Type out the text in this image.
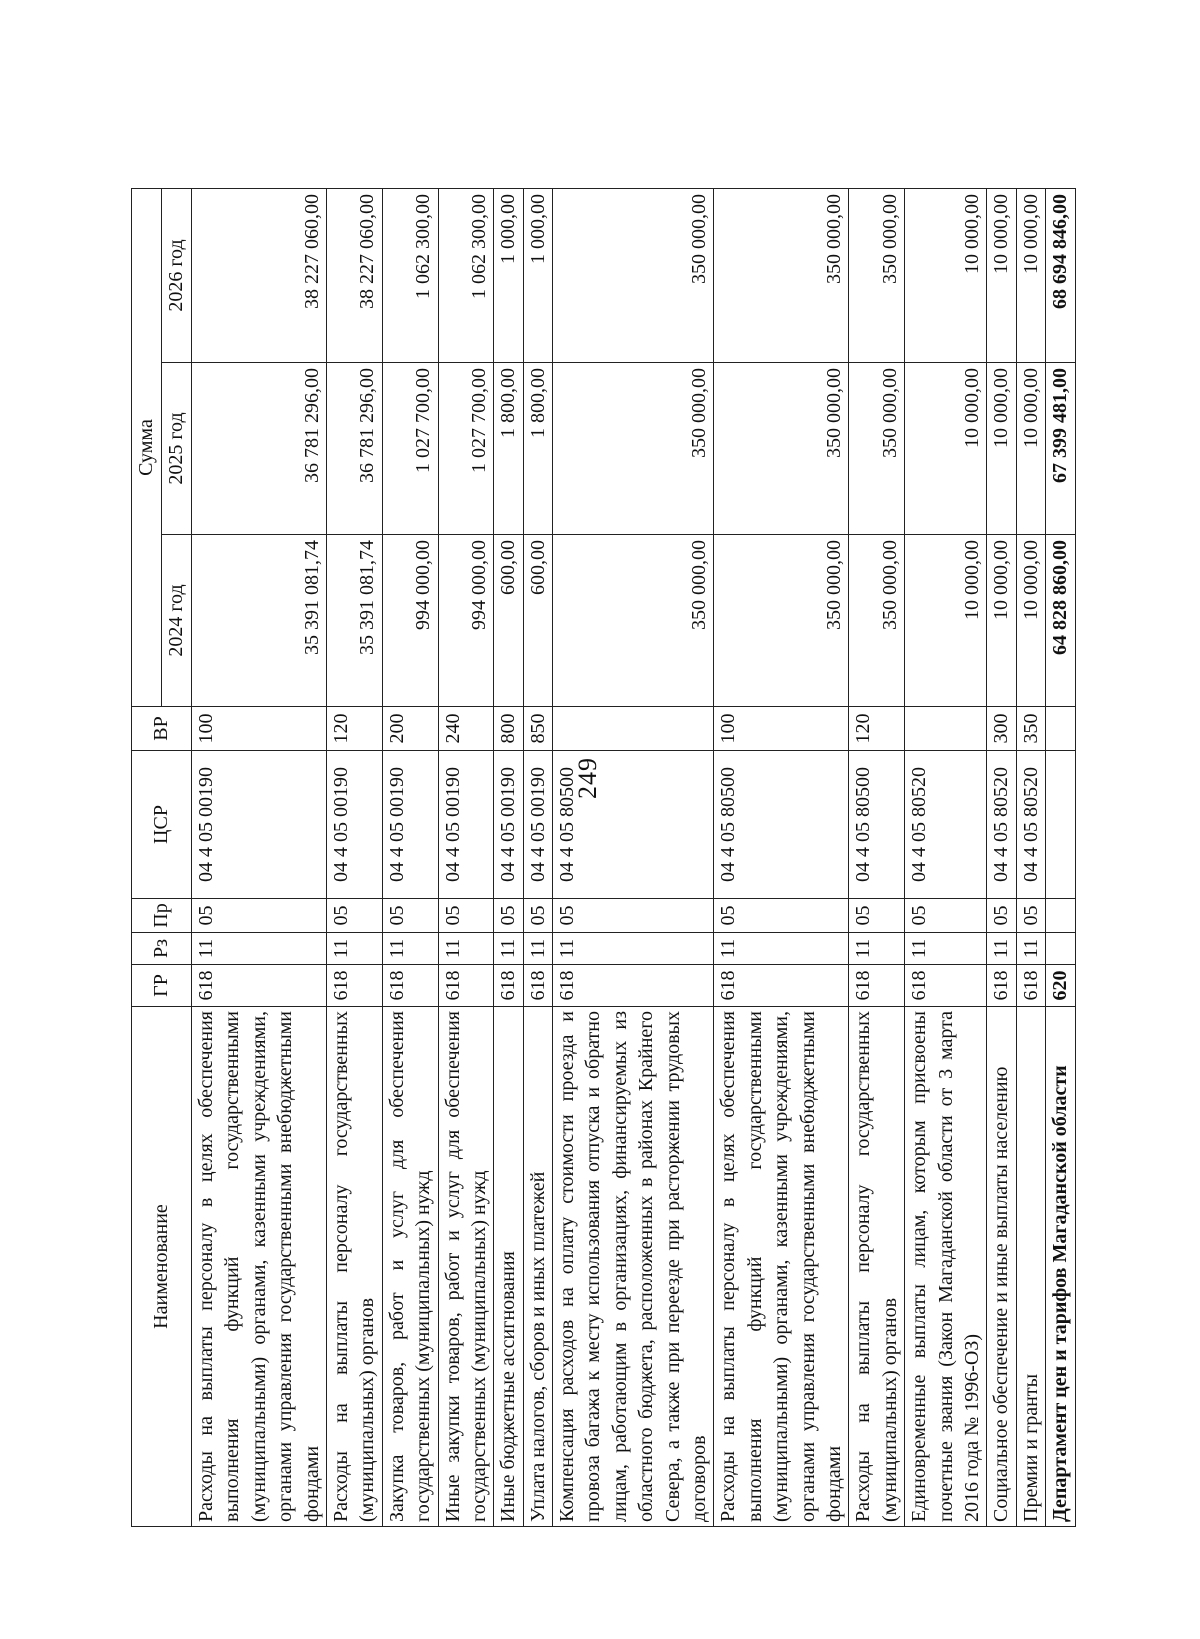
249
Наименование	ГР	Рз	Пр	ЦСР	ВР	Сумма		
						2024 год	2025 год	2026 год
Расходы на выплаты персоналу в целях обеспечения выполнения функций государственными (муниципальными) органами, казенными учреждениями, органами управления государственными внебюджетными фондами	618	11	05	04 4 05 00190	100	35 391 081,74	36 781 296,00	38 227 060,00
Расходы на выплаты персоналу государственных (муниципальных) органов	618	11	05	04 4 05 00190	120	35 391 081,74	36 781 296,00	38 227 060,00
Закупка товаров, работ и услуг для обеспечения государственных (муниципальных) нужд	618	11	05	04 4 05 00190	200	994 000,00	1 027 700,00	1 062 300,00
Иные закупки товаров, работ и услуг для обеспечения государственных (муниципальных) нужд	618	11	05	04 4 05 00190	240	994 000,00	1 027 700,00	1 062 300,00
Иные бюджетные ассигнования	618	11	05	04 4 05 00190	800	600,00	1 800,00	1 000,00
Уплата налогов, сборов и иных платежей	618	11	05	04 4 05 00190	850	600,00	1 800,00	1 000,00
Компенсация расходов на оплату стоимости проезда и провоза багажа к месту использования отпуска и обратно лицам, работающим в организациях, финансируемых из областного бюджета, расположенных в районах Крайнего Севера, а также при переезде при расторжении трудовых договоров	618	11	05	04 4 05 80500		350 000,00	350 000,00	350 000,00
Расходы на выплаты персоналу в целях обеспечения выполнения функций государственными (муниципальными) органами, казенными учреждениями, органами управления государственными внебюджетными фондами	618	11	05	04 4 05 80500	100	350 000,00	350 000,00	350 000,00
Расходы на выплаты персоналу государственных (муниципальных) органов	618	11	05	04 4 05 80500	120	350 000,00	350 000,00	350 000,00
Единовременные выплаты лицам, которым присвоены почетные звания (Закон Магаданской области от 3 марта 2016 года № 1996-ОЗ)	618	11	05	04 4 05 80520		10 000,00	10 000,00	10 000,00
Социальное обеспечение и иные выплаты населению	618	11	05	04 4 05 80520	300	10 000,00	10 000,00	10 000,00
Премии и гранты	618	11	05	04 4 05 80520	350	10 000,00	10 000,00	10 000,00
Департамент цен и тарифов Магаданской области	620					64 828 860,00	67 399 481,00	68 694 846,00
